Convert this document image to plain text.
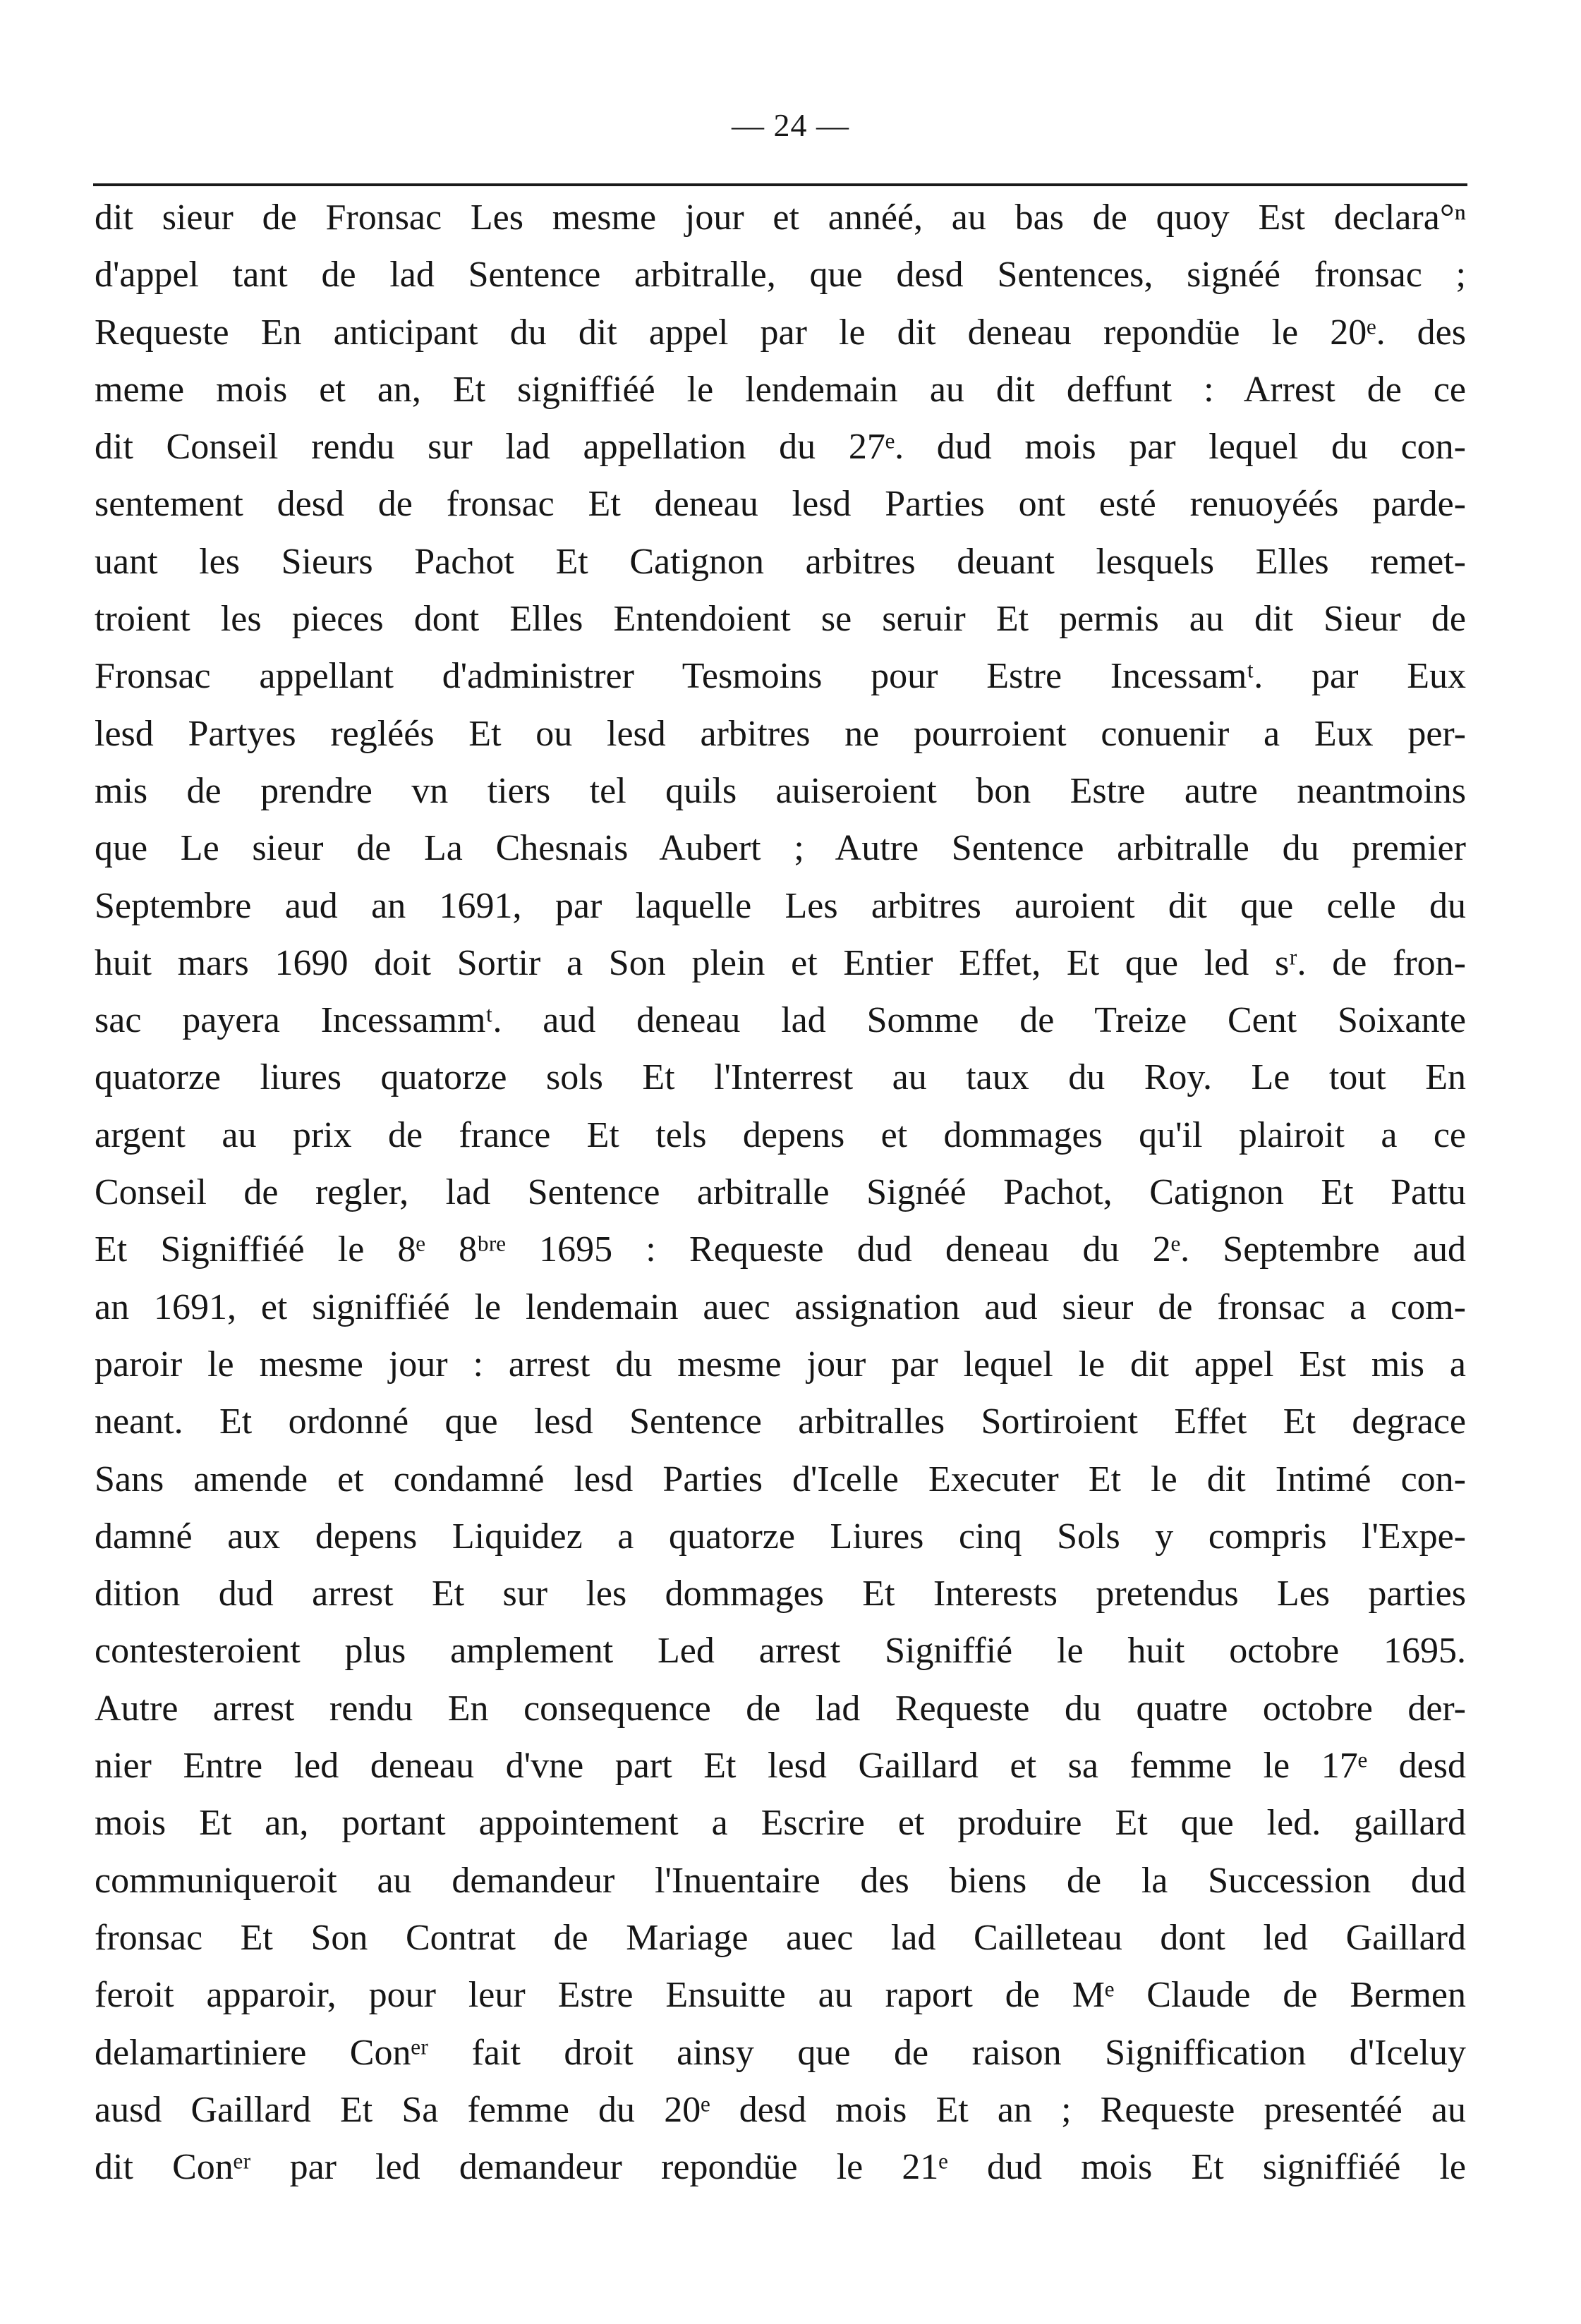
— 24 —
dit sieur de Fronsac Les mesme jour et annéé, au bas de quoy Est declara°ⁿ
d'appel tant de lad Sentence arbitralle, que desd Sentences, signéé fronsac ;
Requeste En anticipant du dit appel par le dit deneau repondüe le 20ᵉ. des
meme mois et an, Et signiffiéé le lendemain au dit deffunt : Arrest de ce
dit Conseil rendu sur lad appellation du 27ᵉ. dud mois par lequel du con-
sentement desd de fronsac Et deneau lesd Parties ont esté renuoyéés parde-
uant les Sieurs Pachot Et Catignon arbitres deuant lesquels Elles remet-
troient les pieces dont Elles Entendoient se seruir Et permis au dit Sieur de
Fronsac appellant d'administrer Tesmoins pour Estre Incessamᵗ. par Eux
lesd Partyes regléés Et ou lesd arbitres ne pourroient conuenir a Eux per-
mis de prendre vn tiers tel quils auiseroient bon Estre autre neantmoins
que Le sieur de La Chesnais Aubert ; Autre Sentence arbitralle du premier
Septembre aud an 1691, par laquelle Les arbitres auroient dit que celle du
huit mars 1690 doit Sortir a Son plein et Entier Effet, Et que led sʳ. de fron-
sac payera Incessammᵗ. aud deneau lad Somme de Treize Cent Soixante
quatorze liures quatorze sols Et l'Interrest au taux du Roy. Le tout En
argent au prix de france Et tels depens et dommages qu'il plairoit a ce
Conseil de regler, lad Sentence arbitralle Signéé Pachot, Catignon Et Pattu
Et Signiffiéé le 8ᵉ 8ᵇʳᵉ 1695 : Requeste dud deneau du 2ᵉ. Septembre aud
an 1691, et signiffiéé le lendemain auec assignation aud sieur de fronsac a com-
paroir le mesme jour : arrest du mesme jour par lequel le dit appel Est mis a
neant. Et ordonné que lesd Sentence arbitralles Sortiroient Effet Et degrace
Sans amende et condamné lesd Parties d'Icelle Executer Et le dit Intimé con-
damné aux depens Liquidez a quatorze Liures cinq Sols y compris l'Expe-
dition dud arrest Et sur les dommages Et Interests pretendus Les parties
contesteroient plus amplement Led arrest Signiffié le huit octobre 1695.
Autre arrest rendu En consequence de lad Requeste du quatre octobre der-
nier Entre led deneau d'vne part Et lesd Gaillard et sa femme le 17ᵉ desd
mois Et an, portant appointement a Escrire et produire Et que led. gaillard
communiqueroit au demandeur l'Inuentaire des biens de la Succession dud
fronsac Et Son Contrat de Mariage auec lad Cailleteau dont led Gaillard
feroit apparoir, pour leur Estre Ensuitte au raport de Mᵉ Claude de Bermen
delamartiniere Conᵉʳ fait droit ainsy que de raison Signiffication d'Iceluy
ausd Gaillard Et Sa femme du 20ᵉ desd mois Et an ; Requeste presentéé au
dit Conᵉʳ par led demandeur repondüe le 21ᵉ dud mois Et signiffiéé le
